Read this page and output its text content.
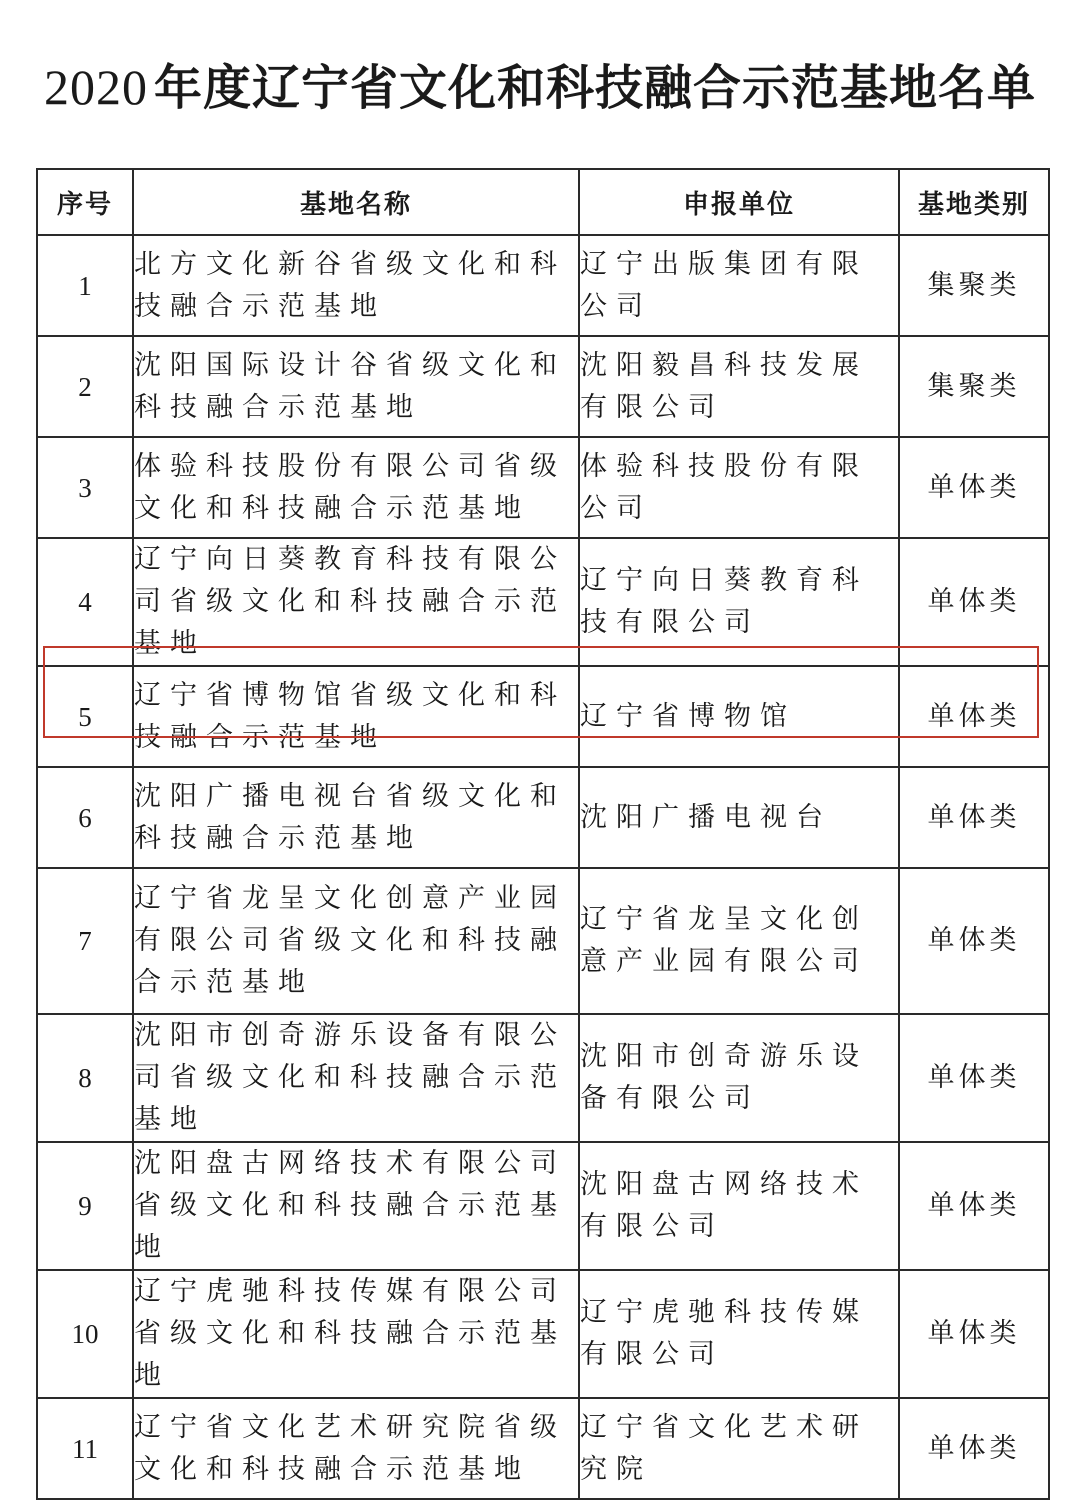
2020 年度辽宁省文化和科技融合示范基地名单
序号	基地名称	申报单位	基地类别
1	北方文化新谷省级文化和科技融合示范基地	辽宁出版集团有限公司	集聚类
2	沈阳国际设计谷省级文化和科技融合示范基地	沈阳毅昌科技发展有限公司	集聚类
3	体验科技股份有限公司省级文化和科技融合示范基地	体验科技股份有限公司	单体类
4	辽宁向日葵教育科技有限公司省级文化和科技融合示范基地	辽宁向日葵教育科技有限公司	单体类
5	辽宁省博物馆省级文化和科技融合示范基地	辽宁省博物馆	单体类
6	沈阳广播电视台省级文化和科技融合示范基地	沈阳广播电视台	单体类
7	辽宁省龙呈文化创意产业园有限公司省级文化和科技融合示范基地	辽宁省龙呈文化创意产业园有限公司	单体类
8	沈阳市创奇游乐设备有限公司省级文化和科技融合示范基地	沈阳市创奇游乐设备有限公司	单体类
9	沈阳盘古网络技术有限公司省级文化和科技融合示范基地	沈阳盘古网络技术有限公司	单体类
10	辽宁虎驰科技传媒有限公司省级文化和科技融合示范基地	辽宁虎驰科技传媒有限公司	单体类
11	辽宁省文化艺术研究院省级文化和科技融合示范基地	辽宁省文化艺术研究院	单体类
